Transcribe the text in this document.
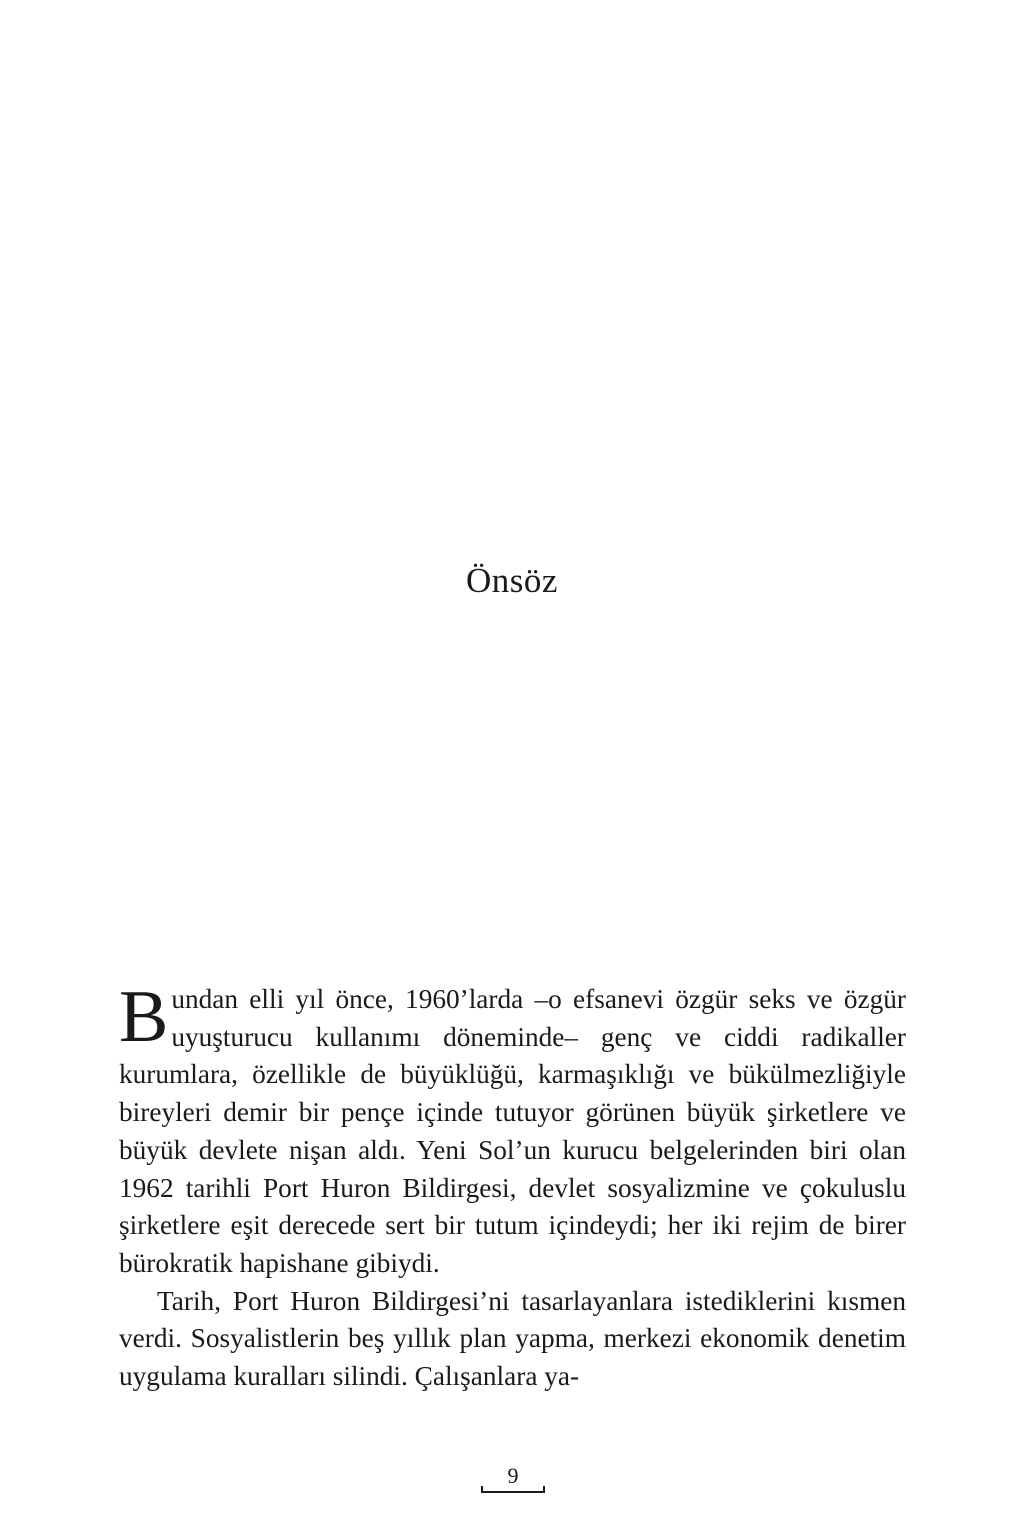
Önsöz

Bundan elli yıl önce, 1960’larda –o efsanevi özgür seks ve özgür uyuşturucu kullanımı döneminde– genç ve ciddi radikaller kurumlara, özellikle de büyüklüğü, karmaşıklığı ve bükülmezliğiyle bireyleri demir bir pençe içinde tutuyor görünen büyük şirketlere ve büyük devlete nişan aldı. Yeni Sol’un kurucu belgelerinden biri olan 1962 tarihli Port Huron Bildirgesi, devlet sosyalizmine ve çokuluslu şirketlere eşit derecede sert bir tutum içindeydi; her iki rejim de birer bürokratik hapishane gibiydi.

Tarih, Port Huron Bildirgesi’ni tasarlayanlara istediklerini kısmen verdi. Sosyalistlerin beş yıllık plan yapma, merkezi ekonomik denetim uygulama kuralları silindi. Çalışanlara ya-

9
